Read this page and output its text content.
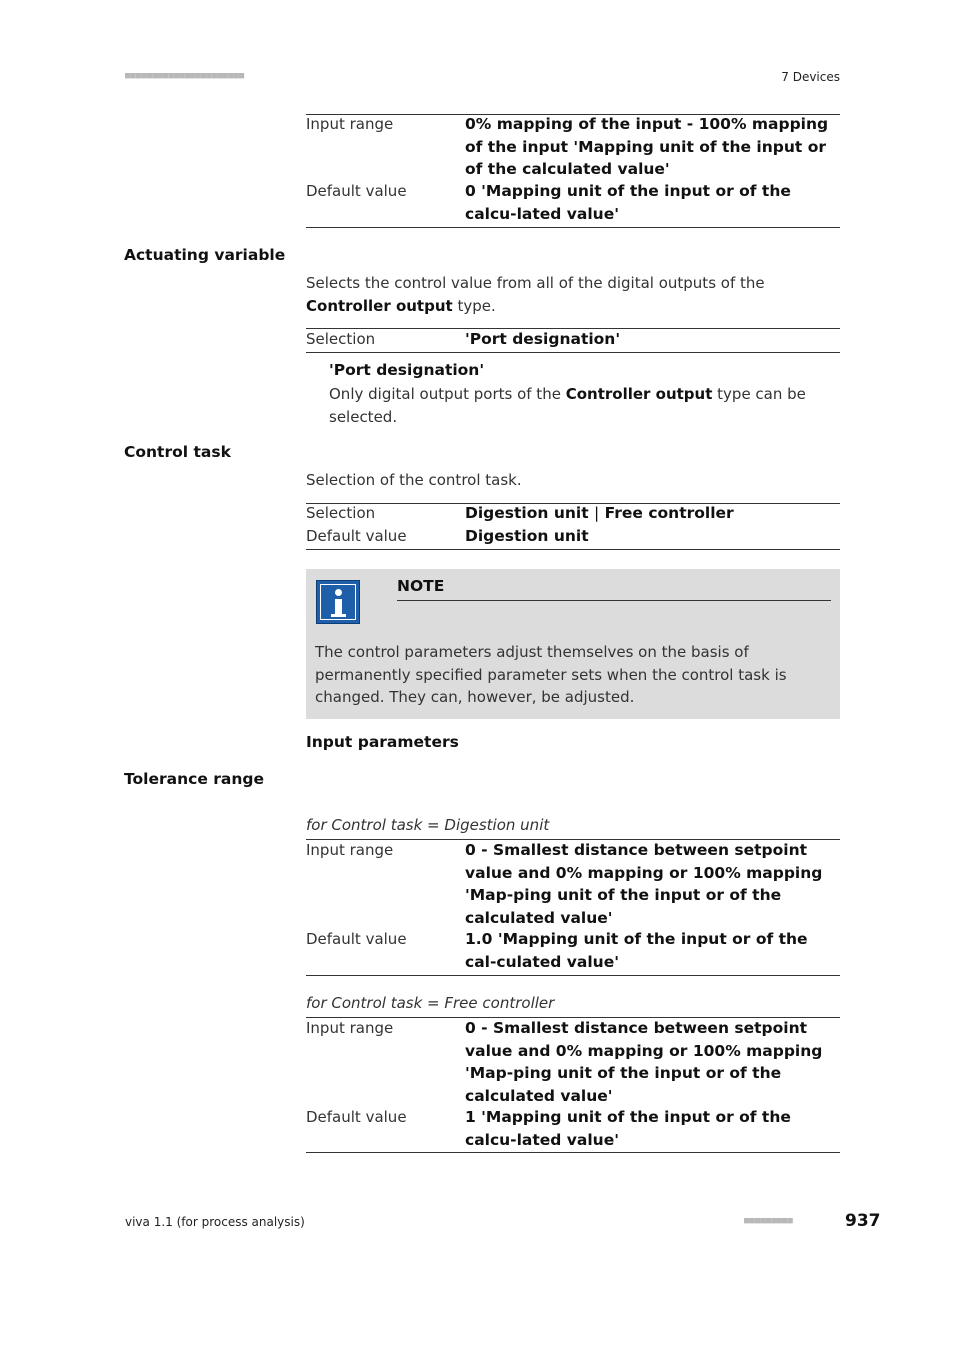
■■■■■■■■■■■■■■■■■■■■■■	7 Devices
Input range	0% mapping of the input - 100% mapping of the input 'Mapping unit of the input or of the calculated value'
Default value	0 'Mapping unit of the input or of the calcu-lated value'
Actuating variable
Selects the control value from all of the digital outputs of the Controller output type.
Selection	'Port designation'
'Port designation'
Only digital output ports of the Controller output type can be selected.
Control task
Selection of the control task.
Selection	Digestion unit | Free controller
Default value	Digestion unit
NOTE
The control parameters adjust themselves on the basis of permanently specified parameter sets when the control task is changed. They can, however, be adjusted.
Input parameters
Tolerance range
for Control task = Digestion unit
Input range	0 - Smallest distance between setpoint value and 0% mapping or 100% mapping 'Map-ping unit of the input or of the calculated value'
Default value	1.0 'Mapping unit of the input or of the cal-culated value'
for Control task = Free controller
Input range	0 - Smallest distance between setpoint value and 0% mapping or 100% mapping 'Map-ping unit of the input or of the calculated value'
Default value	1 'Mapping unit of the input or of the calcu-lated value'
viva 1.1 (for process analysis)	■■■■■■■■■	937
